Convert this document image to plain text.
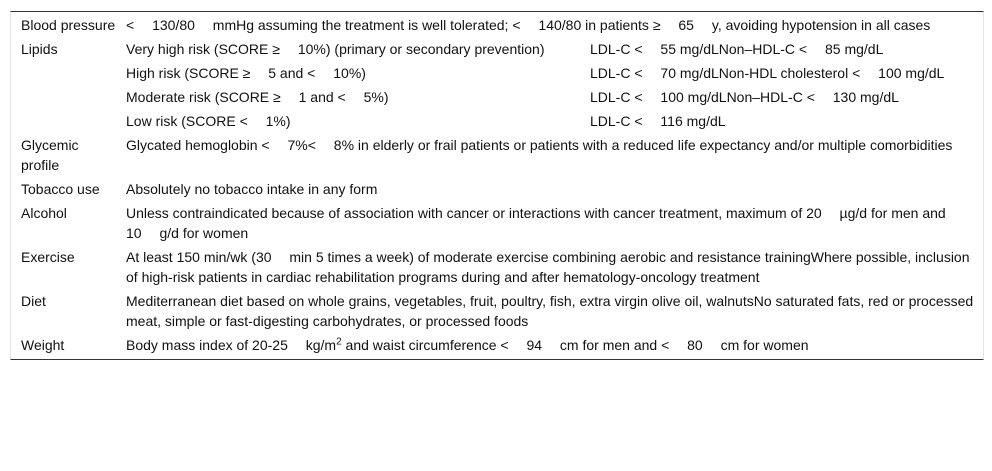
Blood pressure	<  130/80  mmHg assuming the treatment is well tolerated; <  140/80 in patients ≥  65  y, avoiding hypotension in all cases	
Lipids	Very high risk (SCORE ≥  10%) (primary or secondary prevention)	LDL-C <  55 mg/dLNon–HDL-C <  85 mg/dL
	High risk (SCORE ≥  5 and <  10%)	LDL-C <  70 mg/dLNon-HDL cholesterol <  100 mg/dL
	Moderate risk (SCORE ≥  1 and <  5%)	LDL-C <  100 mg/dLNon–HDL-C <  130 mg/dL
	Low risk (SCORE <  1%)	LDL-C <  116 mg/dL
Glycemic profile	Glycated hemoglobin <  7%<  8% in elderly or frail patients or patients with a reduced life expectancy and/or multiple comorbidities	
Tobacco use	Absolutely no tobacco intake in any form	
Alcohol	Unless contraindicated because of association with cancer or interactions with cancer treatment, maximum of 20  µg/d for men and 10  g/d for women	
Exercise	At least 150 min/wk (30  min 5 times a week) of moderate exercise combining aerobic and resistance trainingWhere possible, inclusion of high-risk patients in cardiac rehabilitation programs during and after hematology-oncology treatment	
Diet	Mediterranean diet based on whole grains, vegetables, fruit, poultry, fish, extra virgin olive oil, walnutsNo saturated fats, red or processed meat, simple or fast-digesting carbohydrates, or processed foods	
Weight	Body mass index of 20-25  $kg/m^2$ and waist circumference <  94  cm for men and <  80  cm for women	
